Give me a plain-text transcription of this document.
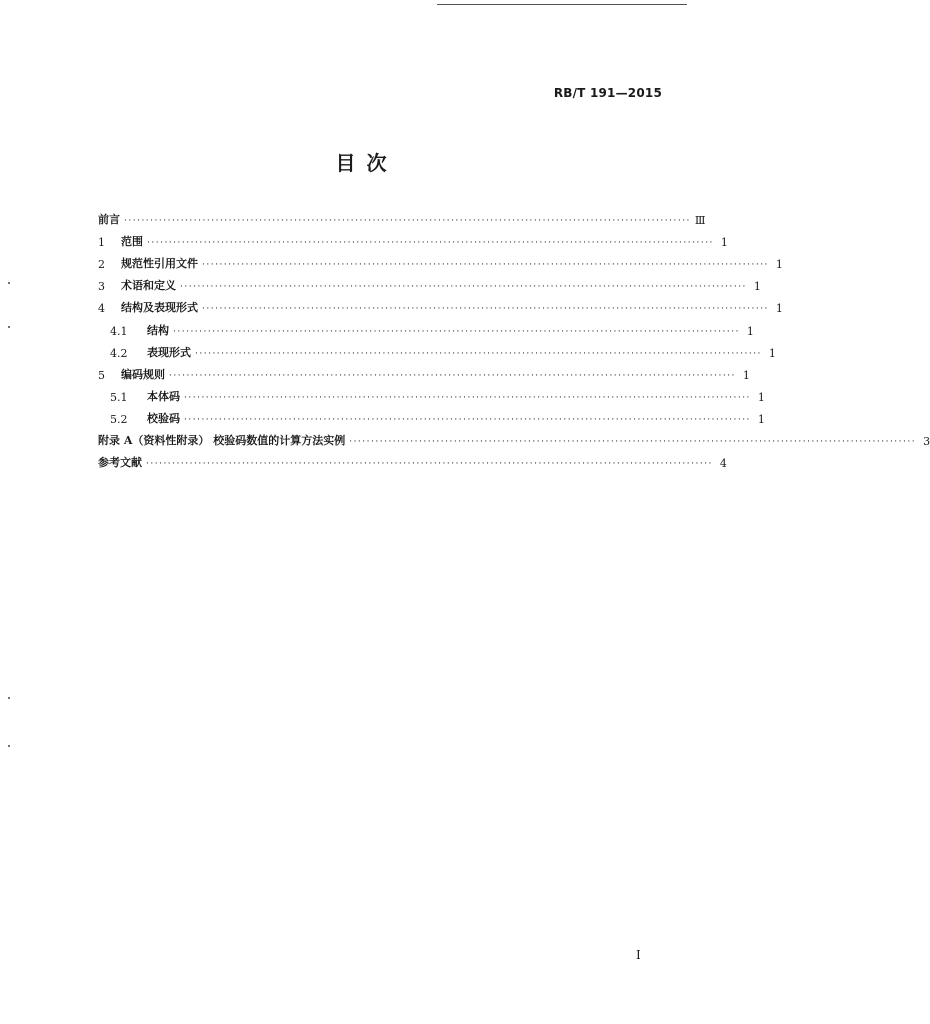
RB/T 191—2015
目 次
前言 ·································································································································· Ⅲ
1	范围 ·································································································································· 1
2	规范性引用文件 ·································································································································· 1
3	术语和定义 ·································································································································· 1
4	结构及表现形式 ·································································································································· 1
4.1	结构 ·································································································································· 1
4.2	表现形式 ·································································································································· 1
5	编码规则 ·································································································································· 1
5.1	本体码 ·································································································································· 1
5.2	校验码 ·································································································································· 1
附录 A（资料性附录） 校验码数值的计算方法实例 ·································································································································· 3
参考文献 ·································································································································· 4
I
